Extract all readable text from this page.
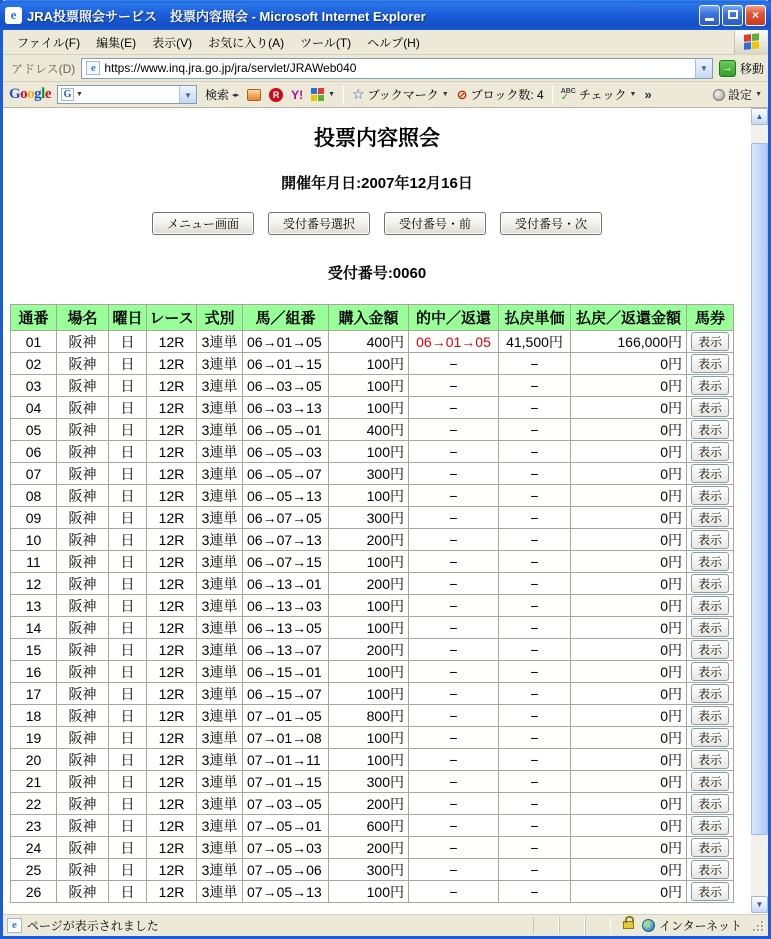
e JRA投票照会サービス　投票内容照会 - Microsoft Internet Explorer	×
ファイル(F)	編集(E)	表示(V)	お気に入り(A)	ツール(T)	ヘルプ(H)
アドレス(D)	e https://www.inq.jra.go.jp/jra/servlet/JRAWeb040	▼	→ 移動
Google G ▼	▼	検索 ◂▸	R Y!	▼ ☆ ブックマーク ▼ ⊘ ブロック数: 4 ABC
✓ チェック ▼ »	設定 ▼
投票内容照会
開催年月日:2007年12月16日
メニュー画面	受付番号選択	受付番号・前	受付番号・次
受付番号:0060
通番	場名	曜日	レース	式別	馬／組番	購入金額	的中／返還	払戻単価	払戻／返還金額	馬券
01	阪神	日	12R	3連単	06→01→05	400円	06→01→05	41,500円	166,000円	表示
02	阪神	日	12R	3連単	06→01→15	100円	−	−	0円	表示
03	阪神	日	12R	3連単	06→03→05	100円	−	−	0円	表示
04	阪神	日	12R	3連単	06→03→13	100円	−	−	0円	表示
05	阪神	日	12R	3連単	06→05→01	400円	−	−	0円	表示
06	阪神	日	12R	3連単	06→05→03	100円	−	−	0円	表示
07	阪神	日	12R	3連単	06→05→07	300円	−	−	0円	表示
08	阪神	日	12R	3連単	06→05→13	100円	−	−	0円	表示
09	阪神	日	12R	3連単	06→07→05	300円	−	−	0円	表示
10	阪神	日	12R	3連単	06→07→13	200円	−	−	0円	表示
11	阪神	日	12R	3連単	06→07→15	100円	−	−	0円	表示
12	阪神	日	12R	3連単	06→13→01	200円	−	−	0円	表示
13	阪神	日	12R	3連単	06→13→03	100円	−	−	0円	表示
14	阪神	日	12R	3連単	06→13→05	100円	−	−	0円	表示
15	阪神	日	12R	3連単	06→13→07	200円	−	−	0円	表示
16	阪神	日	12R	3連単	06→15→01	100円	−	−	0円	表示
17	阪神	日	12R	3連単	06→15→07	100円	−	−	0円	表示
18	阪神	日	12R	3連単	07→01→05	800円	−	−	0円	表示
19	阪神	日	12R	3連単	07→01→08	100円	−	−	0円	表示
20	阪神	日	12R	3連単	07→01→11	100円	−	−	0円	表示
21	阪神	日	12R	3連単	07→01→15	300円	−	−	0円	表示
22	阪神	日	12R	3連単	07→03→05	200円	−	−	0円	表示
23	阪神	日	12R	3連単	07→05→01	600円	−	−	0円	表示
24	阪神	日	12R	3連単	07→05→03	200円	−	−	0円	表示
25	阪神	日	12R	3連単	07→05→06	300円	−	−	0円	表示
26	阪神	日	12R	3連単	07→05→13	100円	−	−	0円	表示
▲
▼
e ページが表示されました	インターネット
